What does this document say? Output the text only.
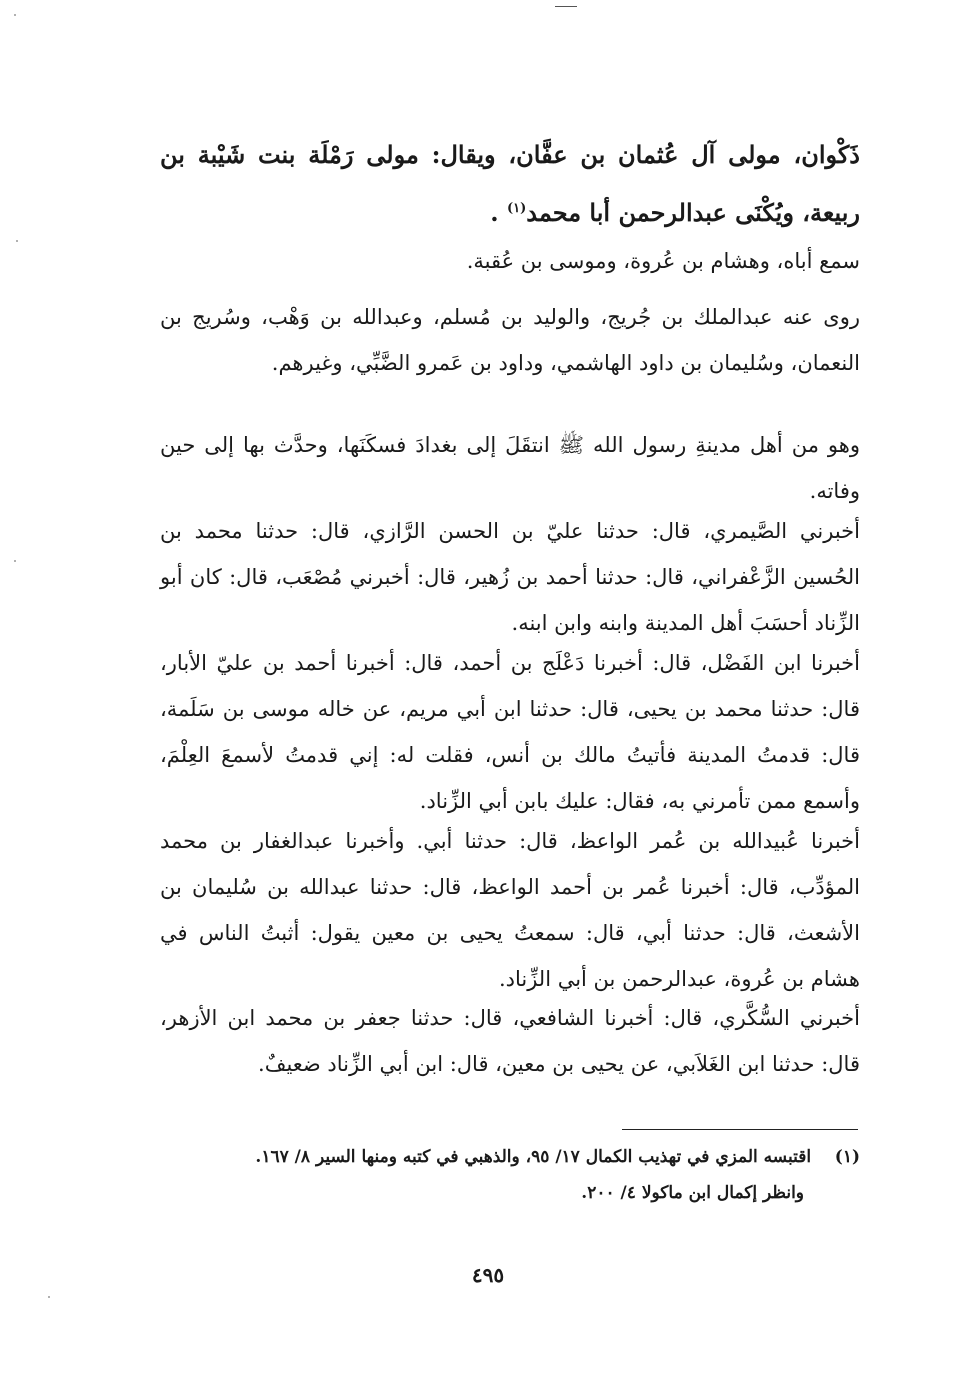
ذَكْوان، مولى آل عُثمان بن عفَّان، ويقال: مولى رَمْلَة بنت شَيْبة بن ربيعة، ويُكْنَى عبدالرحمن أبا محمد$^{(١)}$ .

سمع أباه، وهشام بن عُروة، وموسى بن عُقبة.

روى عنه عبدالملك بن جُريج، والوليد بن مُسلم، وعبدالله بن وَهْب، وسُريج بن النعمان، وسُليمان بن داود الهاشمي، وداود بن عَمرو الضَّبِّي، وغيرهم.

وهو من أهل مدينةِ رسول الله ﷺ انتقَلَ إلى بغدادَ فسكَنَها، وحدَّث بها إلى حين وفاته.

أخبرني الصَّيمري، قال: حدثنا عليّ بن الحسن الرَّازي، قال: حدثنا محمد بن الحُسين الزَّعْفراني، قال: حدثنا أحمد بن زُهير، قال: أخبرني مُصْعَب، قال: كان أبو الزِّناد أحسَبَ أهل المدينة وابنه وابن ابنه.

أخبرنا ابن الفَضْل، قال: أخبرنا دَعْلَج بن أحمد، قال: أخبرنا أحمد بن عليّ الأبار، قال: حدثنا محمد بن يحيى، قال: حدثنا ابن أبي مريم، عن خاله موسى بن سَلَمة، قال: قدمتُ المدينة فأتيتُ مالك بن أنس، فقلت له: إني قدمتُ لأسمعَ العِلْمَ، وأسمع ممن تأمرني به، فقال: عليك بابن أبي الزِّناد.

أخبرنا عُبيدالله بن عُمر الواعظ، قال: حدثنا أبي. وأخبرنا عبدالغفار بن محمد المؤدِّب، قال: أخبرنا عُمر بن أحمد الواعظ، قال: حدثنا عبدالله بن سُليمان بن الأشعث، قال: حدثنا أبي، قال: سمعتُ يحيى بن معين يقول: أثبتُ الناس في هشام بن عُروة، عبدالرحمن بن أبي الزِّناد.

أخبرني السُّكَّري، قال: أخبرنا الشافعي، قال: حدثنا جعفر بن محمد ابن الأزهر، قال: حدثنا ابن الغَلاَبي، عن يحيى بن معين، قال: ابن أبي الزِّناد ضعيفٌ.

(١)    اقتبسه المزي في تهذيب الكمال ١٧/ ٩٥، والذهبي في كتبه ومنها السير ٨/ ١٦٧.
وانظر إكمال ابن ماكولا ٤/ ٢٠٠.
٤٩٥
